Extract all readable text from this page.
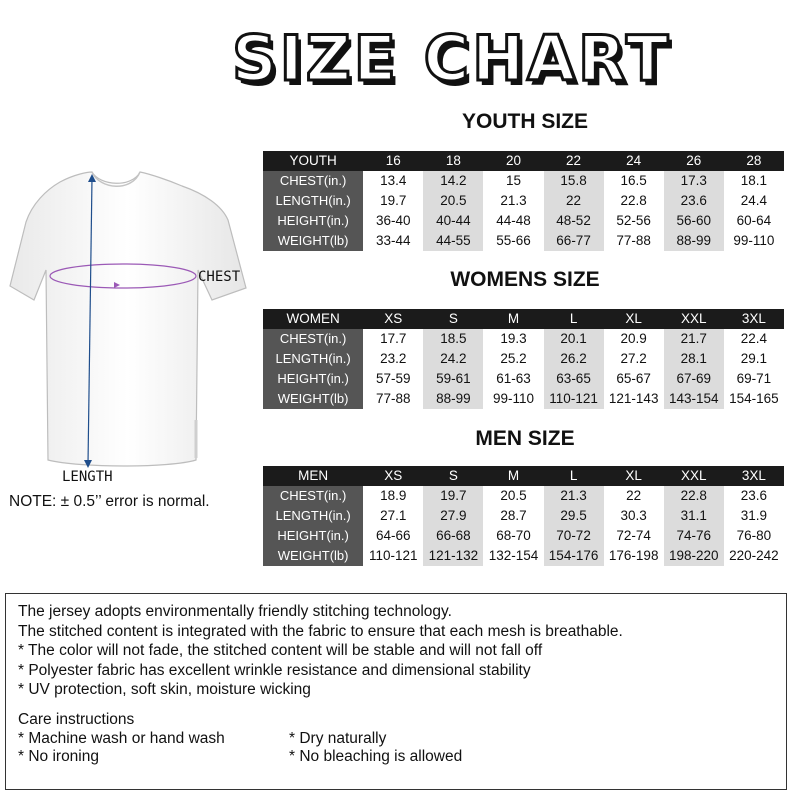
SIZE CHART
CHEST
LENGTH
NOTE: ± 0.5’’ error is normal.
YOUTH SIZE
YOUTH	16	18	20	22	24	26	28
CHEST(in.)	13.4	14.2	15	15.8	16.5	17.3	18.1
LENGTH(in.)	19.7	20.5	21.3	22	22.8	23.6	24.4
HEIGHT(in.)	36-40	40-44	44-48	48-52	52-56	56-60	60-64
WEIGHT(lb)	33-44	44-55	55-66	66-77	77-88	88-99	99-110
WOMENS SIZE
WOMEN	XS	S	M	L	XL	XXL	3XL
CHEST(in.)	17.7	18.5	19.3	20.1	20.9	21.7	22.4
LENGTH(in.)	23.2	24.2	25.2	26.2	27.2	28.1	29.1
HEIGHT(in.)	57-59	59-61	61-63	63-65	65-67	67-69	69-71
WEIGHT(lb)	77-88	88-99	99-110	110-121	121-143	143-154	154-165
MEN SIZE
MEN	XS	S	M	L	XL	XXL	3XL
CHEST(in.)	18.9	19.7	20.5	21.3	22	22.8	23.6
LENGTH(in.)	27.1	27.9	28.7	29.5	30.3	31.1	31.9
HEIGHT(in.)	64-66	66-68	68-70	70-72	72-74	74-76	76-80
WEIGHT(lb)	110-121	121-132	132-154	154-176	176-198	198-220	220-242
The jersey adopts environmentally friendly stitching technology.
The stitched content is integrated with the fabric to ensure that each mesh is breathable.
* The color will not fade, the stitched content will be stable and will not fall off
* Polyester fabric has excellent wrinkle resistance and dimensional stability
* UV protection, soft skin, moisture wicking
Care instructions
* Machine wash or hand wash
* No ironing
* Dry naturally
* No bleaching is allowed
